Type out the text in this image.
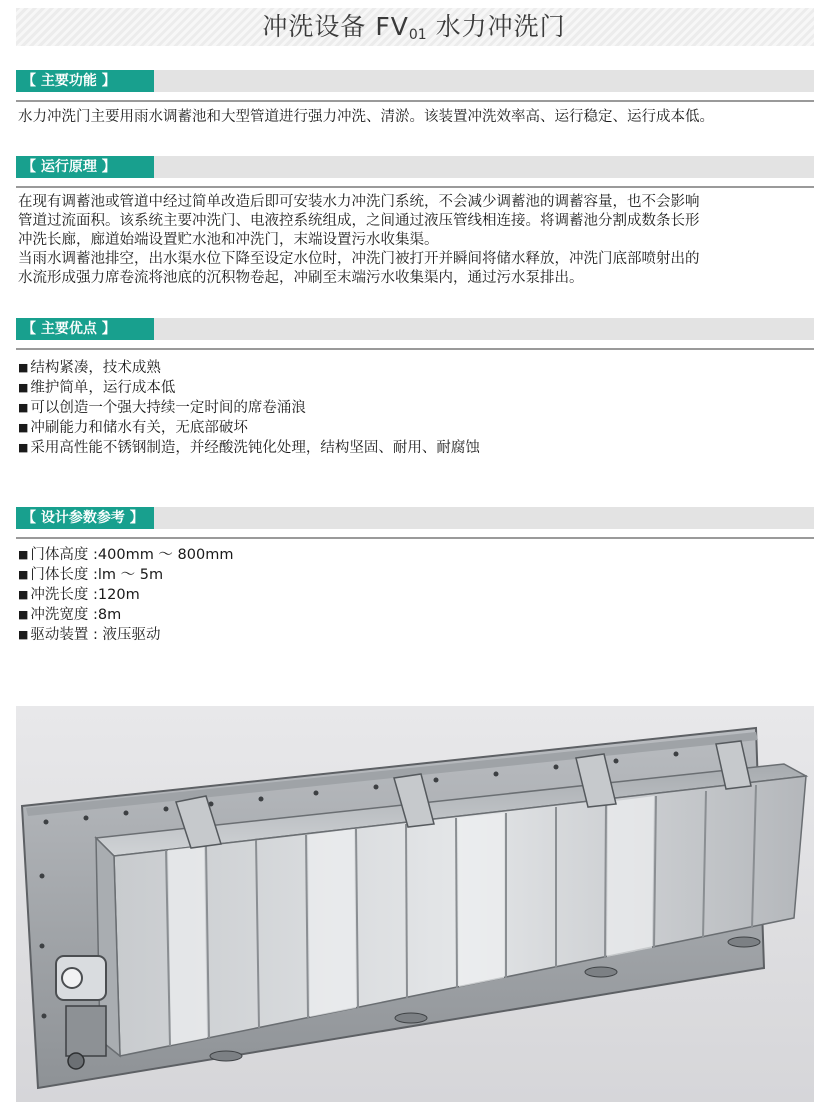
冲洗设备 $FV_{01}$ 水力冲洗门
【 主要功能 】

水力冲洗门主要用雨水调蓄池和大型管道进行强力冲洗、清淤。该装置冲洗效率高、运行稳定、运行成本低。

【 运行原理 】
在现有调蓄池或管道中经过简单改造后即可安装水力冲洗门系统，不会减少调蓄池的调蓄容量，也不会影响
管道过流面积。该系统主要冲洗门、电液控系统组成，之间通过液压管线相连接。将调蓄池分割成数条长形
冲洗长廊，廊道始端设置贮水池和冲洗门，末端设置污水收集渠。
当雨水调蓄池排空，出水渠水位下降至设定水位时，冲洗门被打开并瞬间将储水释放，冲洗门底部喷射出的
水流形成强力席卷流将池底的沉积物卷起，冲刷至末端污水收集渠内，通过污水泵排出。
【 主要优点 】
■ 结构紧凑，技术成熟
■ 维护简单，运行成本低
■ 可以创造一个强大持续一定时间的席卷涌浪
■ 冲刷能力和储水有关，无底部破坏
■ 采用高性能不锈钢制造，并经酸洗钝化处理，结构坚固、耐用、耐腐蚀
【 设计参数参考 】
■ 门体高度 :400mm ～ 800mm
■ 门体长度 :lm ～ 5m
■ 冲洗长度 :120m
■ 冲洗宽度 :8m
■ 驱动装置 : 液压驱动
